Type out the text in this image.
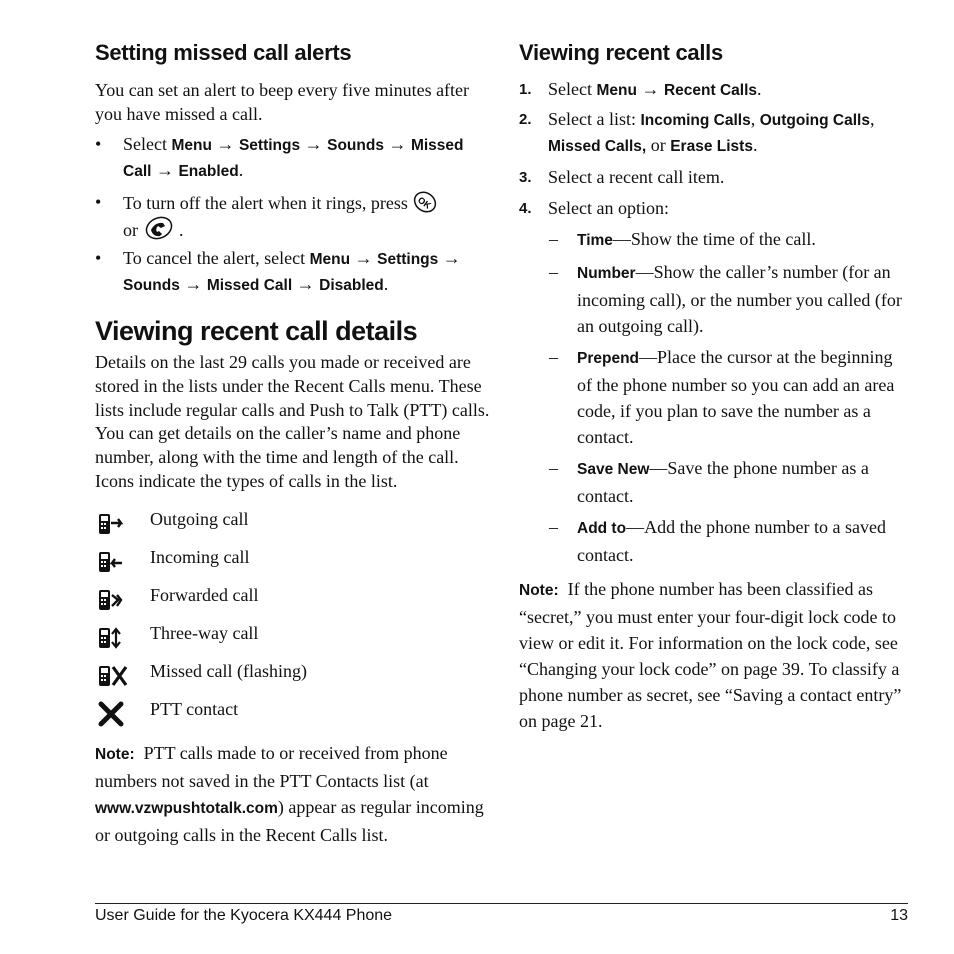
Setting missed call alerts

You can set an alert to beep every five minutes after you have missed a call.

• Select Menu → Settings → Sounds → Missed Call → Enabled.
• To turn off the alert when it rings, press OK

or .
• To cancel the alert, select Menu → Settings → Sounds → Missed Call → Disabled.
Viewing recent call details

Details on the last 29 calls you made or received are stored in the lists under the Recent Calls menu. These lists include regular calls and Push to Talk (PTT) calls. You can get details on the caller’s name and phone number, along with the time and length of the call. Icons indicate the types of calls in the list.

Outgoing call
Incoming call
Forwarded call
Three-way call
Missed call (flashing)
PTT contact

Note: PTT calls made to or received from phone numbers not saved in the PTT Contacts list (at www.vzwpushtotalk.com) appear as regular incoming or outgoing calls in the Recent Calls list.

Viewing recent calls
1. Select Menu → Recent Calls.
2. Select a list: Incoming Calls, Outgoing Calls, Missed Calls, or Erase Lists.
3. Select a recent call item.
4. Select an option:
– Time—Show the time of the call.
– Number—Show the caller’s number (for an incoming call), or the number you called (for an outgoing call).
– Prepend—Place the cursor at the beginning of the phone number so you can add an area code, if you plan to save the number as a contact.
– Save New—Save the phone number as a contact.
– Add to—Add the phone number to a saved contact.

Note: If the phone number has been classified as “secret,” you must enter your four-digit lock code to view or edit it. For information on the lock code, see “Changing your lock code” on page 39. To classify a phone number as secret, see “Saving a contact entry” on page 21.

User Guide for the Kyocera KX444 Phone	13
